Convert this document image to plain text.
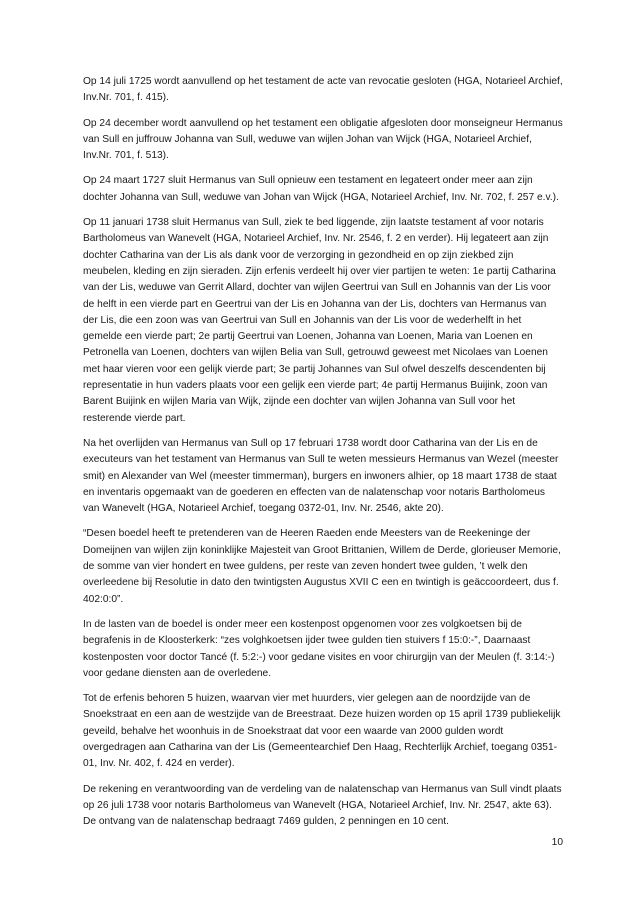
Op 14 juli 1725 wordt aanvullend op het testament de acte van revocatie gesloten (HGA, Notarieel Archief, Inv.Nr. 701, f. 415).

Op 24 december wordt aanvullend op het testament een obligatie afgesloten door monseigneur Hermanus van Sull en juffrouw Johanna van Sull, weduwe van wijlen Johan van Wijck (HGA, Notarieel Archief, Inv.Nr. 701, f. 513).

Op 24 maart 1727 sluit Hermanus van Sull opnieuw een testament en legateert onder meer aan zijn dochter Johanna van Sull, weduwe van Johan van Wijck (HGA, Notarieel Archief, Inv. Nr. 702, f. 257 e.v.).

Op 11 januari 1738 sluit Hermanus van Sull, ziek te bed liggende, zijn laatste testament af voor notaris Bartholomeus van Wanevelt (HGA, Notarieel Archief, Inv. Nr. 2546, f. 2 en verder). Hij legateert aan zijn dochter Catharina van der Lis als dank voor de verzorging in gezondheid en op zijn ziekbed zijn meubelen, kleding en zijn sieraden. Zijn erfenis verdeelt hij over vier partijen te weten: 1e partij Catharina van der Lis, weduwe van Gerrit Allard, dochter van wijlen Geertrui van Sull en Johannis van der Lis voor de helft in een vierde part en Geertrui van der Lis en Johanna van der Lis, dochters van Hermanus van der Lis, die een zoon was van Geertrui van Sull en Johannis van der Lis voor de wederhelft in het gemelde een vierde part; 2e partij Geertrui van Loenen, Johanna van Loenen, Maria van Loenen en Petronella van Loenen, dochters van wijlen Belia van Sull, getrouwd geweest met Nicolaes van Loenen met haar vieren voor een gelijk vierde part; 3e partij Johannes van Sul ofwel deszelfs descendenten bij representatie in hun vaders plaats voor een gelijk een vierde part; 4e partij Hermanus Buijink, zoon van Barent Buijink en wijlen Maria van Wijk, zijnde een dochter van wijlen Johanna van Sull voor het resterende vierde part.

Na het overlijden van Hermanus van Sull op 17 februari 1738 wordt door Catharina van der Lis en de executeurs van het testament van Hermanus van Sull te weten messieurs Hermanus van Wezel (meester smit) en Alexander van Wel (meester timmerman), burgers en inwoners alhier, op 18 maart 1738 de staat en inventaris opgemaakt van de goederen en effecten van de nalatenschap voor notaris Bartholomeus van Wanevelt (HGA, Notarieel Archief, toegang 0372-01, Inv. Nr. 2546, akte 20).

“Desen boedel heeft te pretenderen van de Heeren Raeden ende Meesters van de Reekeninge der Domeijnen van wijlen zijn koninklijke Majesteit van Groot Brittanien, Willem de Derde, glorieuser Memorie, de somme van vier hondert en twee guldens, per reste van zeven hondert twee gulden, ’t welk den overleedene bij Resolutie in dato den twintigsten Augustus XVII C een en twintigh is geäccoordeert, dus f. 402:0:0”.

In de lasten van de boedel is onder meer een kostenpost opgenomen voor zes volgkoetsen bij de begrafenis in de Kloosterkerk: “zes volghkoetsen ijder twee gulden tien stuivers f 15:0:-”, Daarnaast kostenposten voor doctor Tancé (f. 5:2:-) voor gedane visites en voor chirurgijn van der Meulen (f. 3:14:-) voor gedane diensten aan de overledene.

Tot de erfenis behoren 5 huizen, waarvan vier met huurders, vier gelegen aan de noordzijde van de Snoekstraat en een aan de westzijde van de Breestraat. Deze huizen worden op 15 april 1739 publiekelijk geveild, behalve het woonhuis in de Snoekstraat dat voor een waarde van 2000 gulden wordt overgedragen aan Catharina van der Lis (Gemeentearchief Den Haag, Rechterlijk Archief, toegang 0351-01, Inv. Nr. 402, f. 424 en verder).

De rekening en verantwoording van de verdeling van de nalatenschap van Hermanus van Sull vindt plaats op 26 juli 1738 voor notaris Bartholomeus van Wanevelt (HGA, Notarieel Archief, Inv. Nr. 2547, akte 63). De ontvang van de nalatenschap bedraagt 7469 gulden, 2 penningen en 10 cent.

10
